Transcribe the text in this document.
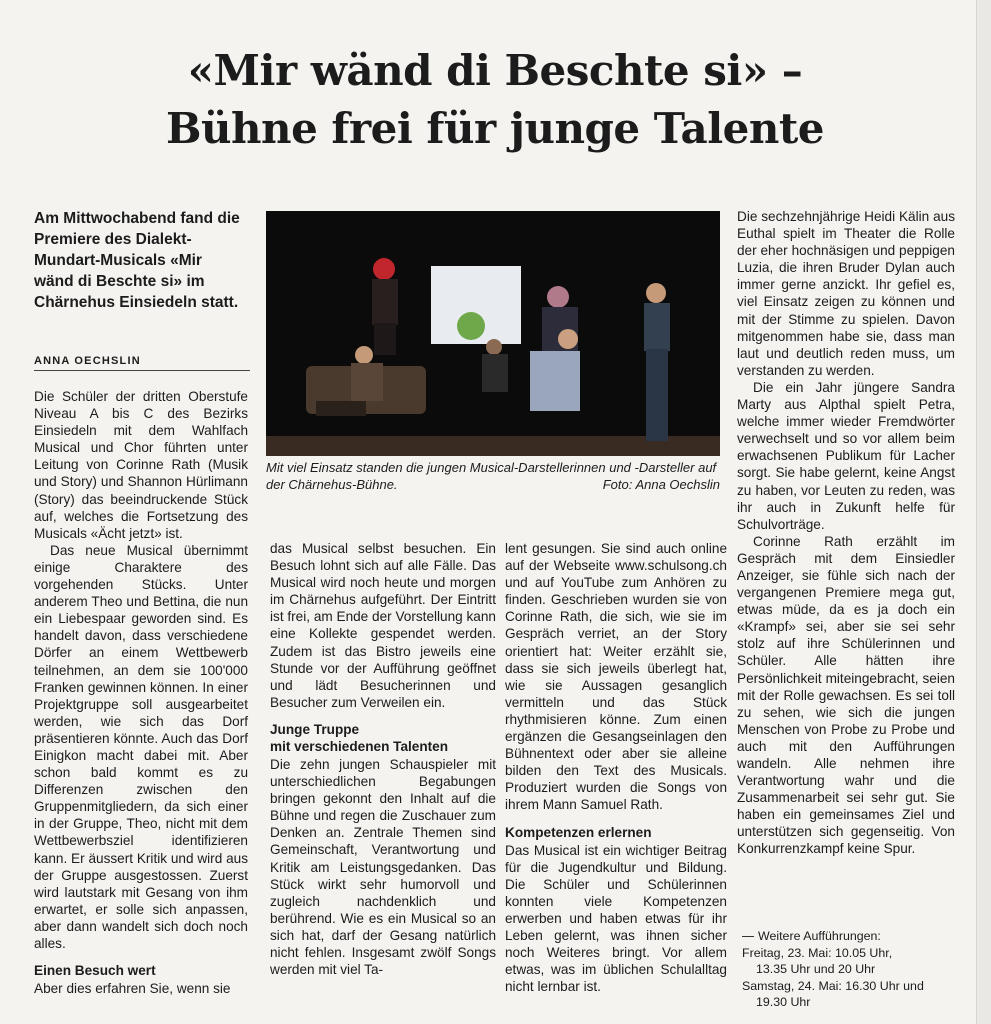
«Mir wänd di Beschte si» –
Bühne frei für junge Talente
Am Mittwochabend fand die Premiere des Dialekt-Mundart-Musicals «Mir wänd di Beschte si» im Chärnehus Einsiedeln statt.
ANNA OECHSLIN
Mit viel Einsatz standen die jungen Musical-Darstellerinnen und -Darsteller auf der Chärnehus-Bühne.	Foto: Anna Oechslin

Die Schüler der dritten Oberstufe Niveau A bis C des Bezirks Einsiedeln mit dem Wahlfach Musical und Chor führten unter Leitung von Corinne Rath (Musik und Story) und Shannon Hürlimann (Story) das beeindruckende Stück auf, welches die Fortsetzung des Musicals «Ächt jetzt» ist.

Das neue Musical übernimmt einige Charaktere des vorgehenden Stücks. Unter anderem Theo und Bettina, die nun ein Liebespaar geworden sind. Es handelt davon, dass verschiedene Dörfer an einem Wettbewerb teilnehmen, an dem sie 100'000 Franken gewinnen können. In einer Projektgruppe soll ausgearbeitet werden, wie sich das Dorf präsentieren könnte. Auch das Dorf Einigkon macht dabei mit. Aber schon bald kommt es zu Differenzen zwischen den Gruppenmitgliedern, da sich einer in der Gruppe, Theo, nicht mit dem Wettbewerbsziel identifizieren kann. Er äussert Kritik und wird aus der Gruppe ausgestossen. Zuerst wird lautstark mit Gesang von ihm erwartet, er solle sich anpassen, aber dann wandelt sich doch noch alles.

Einen Besuch wert

Aber dies erfahren Sie, wenn sie

das Musical selbst besuchen. Ein Besuch lohnt sich auf alle Fälle. Das Musical wird noch heute und morgen im Chärnehus aufgeführt. Der Eintritt ist frei, am Ende der Vorstellung kann eine Kollekte gespendet werden. Zudem ist das Bistro jeweils eine Stunde vor der Aufführung geöffnet und lädt Besucherinnen und Besucher zum Verweilen ein.

Junge Truppe
mit verschiedenen Talenten

Die zehn jungen Schauspieler mit unterschiedlichen Begabungen bringen gekonnt den Inhalt auf die Bühne und regen die Zuschauer zum Denken an. Zentrale Themen sind Gemeinschaft, Verantwortung und Kritik am Leistungsgedanken. Das Stück wirkt sehr humorvoll und zugleich nachdenklich und berührend. Wie es ein Musical so an sich hat, darf der Gesang natürlich nicht fehlen. Insgesamt zwölf Songs werden mit viel Ta-

lent gesungen. Sie sind auch online auf der Webseite www.schulsong.ch und auf YouTube zum Anhören zu finden. Geschrieben wurden sie von Corinne Rath, die sich, wie sie im Gespräch verriet, an der Story orientiert hat: Weiter erzählt sie, dass sie sich jeweils überlegt hat, wie sie Aussagen gesanglich vermitteln und das Stück rhythmisieren könne. Zum einen ergänzen die Gesangseinlagen den Bühnentext oder aber sie alleine bilden den Text des Musicals. Produziert wurden die Songs von ihrem Mann Samuel Rath.

Kompetenzen erlernen

Das Musical ist ein wichtiger Beitrag für die Jugendkultur und Bildung. Die Schüler und Schülerinnen konnten viele Kompetenzen erwerben und haben etwas für ihr Leben gelernt, was ihnen sicher noch Weiteres bringt. Vor allem etwas, was im üblichen Schulalltag nicht lernbar ist.

Die sechzehnjährige Heidi Kälin aus Euthal spielt im Theater die Rolle der eher hochnäsigen und peppigen Luzia, die ihren Bruder Dylan auch immer gerne anzickt. Ihr gefiel es, viel Einsatz zeigen zu können und mit der Stimme zu spielen. Davon mitgenommen habe sie, dass man laut und deutlich reden muss, um verstanden zu werden.

Die ein Jahr jüngere Sandra Marty aus Alpthal spielt Petra, welche immer wieder Fremdwörter verwechselt und so vor allem beim erwachsenen Publikum für Lacher sorgt. Sie habe gelernt, keine Angst zu haben, vor Leuten zu reden, was ihr auch in Zukunft helfe für Schulvorträge.

Corinne Rath erzählt im Gespräch mit dem Einsiedler Anzeiger, sie fühle sich nach der vergangenen Premiere mega gut, etwas müde, da es ja doch ein «Krampf» sei, aber sie sei sehr stolz auf ihre Schülerinnen und Schüler. Alle hätten ihre Persönlichkeit miteingebracht, seien mit der Rolle gewachsen. Es sei toll zu sehen, wie sich die jungen Menschen von Probe zu Probe und auch mit den Aufführungen wandeln. Alle nehmen ihre Verantwortung wahr und die Zusammenarbeit sei sehr gut. Sie haben ein gemeinsames Ziel und unterstützen sich gegenseitig. Von Konkurrenzkampf keine Spur.

Weitere Aufführungen:
Freitag, 23. Mai: 10.05 Uhr,
13.35 Uhr und 20 Uhr
Samstag, 24. Mai: 16.30 Uhr und
19.30 Uhr
